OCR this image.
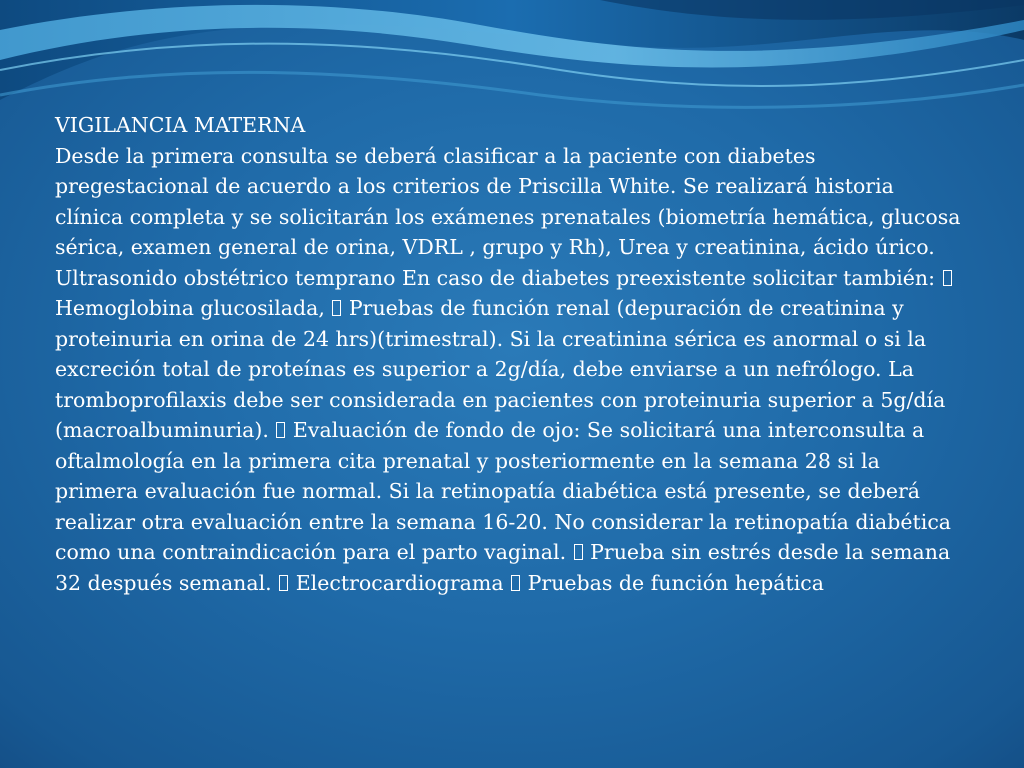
VIGILANCIA MATERNA

Desde la primera consulta se deberá clasificar a la paciente con diabetes pregestacional de acuerdo a los criterios de Priscilla White. Se realizará historia clínica completa y se solicitarán los exámenes prenatales (biometría hemática, glucosa sérica, examen general de orina, VDRL , grupo y Rh), Urea y creatinina, ácido úrico. Ultrasonido obstétrico temprano En caso de diabetes preexistente solicitar también:  Hemoglobina glucosilada,  Pruebas de función renal (depuración de creatinina y proteinuria en orina de 24 hrs)(trimestral). Si la creatinina sérica es anormal o si la excreción total de proteínas es superior a 2g/día, debe enviarse a un nefrólogo. La tromboprofilaxis debe ser considerada en pacientes con proteinuria superior a 5g/día (macroalbuminuria).  Evaluación de fondo de ojo: Se solicitará una interconsulta a oftalmología en la primera cita prenatal y posteriormente en la semana 28 si la primera evaluación fue normal. Si la retinopatía diabética está presente, se deberá realizar otra evaluación entre la semana 16-20. No considerar la retinopatía diabética como una contraindicación para el parto vaginal.  Prueba sin estrés desde la semana 32 después semanal.  Electrocardiograma  Pruebas de función hepática
